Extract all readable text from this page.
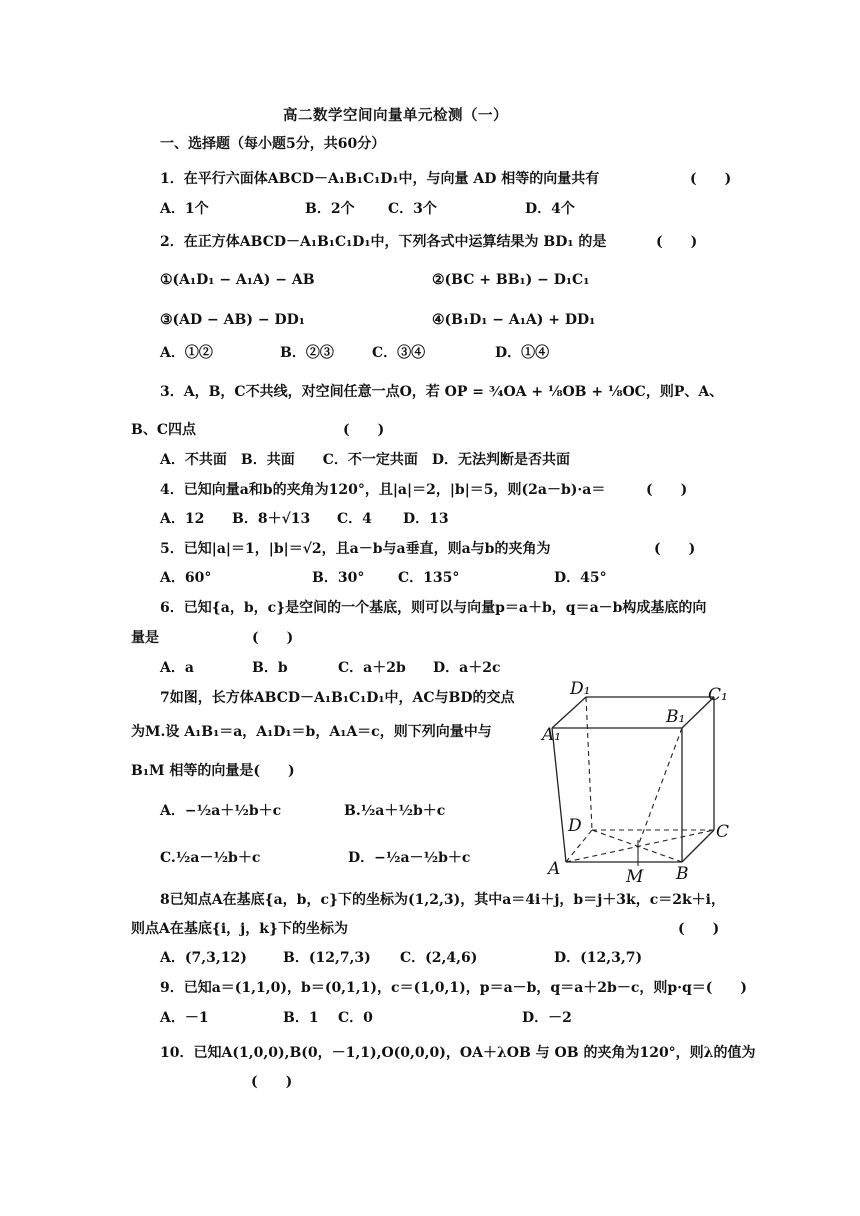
高二数学空间向量单元检测（一）
一、选择题（每小题5分，共60分）
1．在平行六面体ABCD－A₁B₁C₁D₁中，与向量 AD 相等的向量共有	(　　)
A．1个	B．2个 C．3个	D．4个
2．在正方体ABCD－A₁B₁C₁D₁中，下列各式中运算结果为 BD₁ 的是	(　　)
①(A₁D₁ − A₁A) − AB	②(BC + BB₁) − D₁C₁
③(AD − AB) − DD₁	④(B₁D₁ − A₁A) + DD₁
A．①②	B．②③	C．③④	D．①④
3．A，B，C不共线，对空间任意一点O，若 OP = ¾OA + ⅛OB + ⅛OC，则P、A、
B、C四点	(　　)
A．不共面　B．共面　　C．不一定共面　D．无法判断是否共面
4．已知向量a和b的夹角为120°，且|a|＝2，|b|＝5，则(2a－b)·a＝	(　　)
A．12 B．8＋√13 C．4 D．13
5．已知|a|＝1，|b|＝√2，且a－b与a垂直，则a与b的夹角为	(　　)
A．60°	B．30° C．135°	D．45°
6．已知{a，b，c}是空间的一个基底，则可以与向量p＝a＋b，q＝a－b构成基底的向
量是	(　　)
A．a	B．b	C．a＋2b D．a＋2c
7如图，长方体ABCD－A₁B₁C₁D₁中，AC与BD的交点
为M.设 A₁B₁＝a，A₁D₁＝b，A₁A＝c，则下列向量中与
B₁M 相等的向量是(　　)
A．−½a＋½b＋c	B.½a＋½b＋c
C.½a－½b＋c	D．−½a－½b＋c
D₁	C₁
A₁
B₁
D	C
A	B
M
8已知点A在基底{a，b，c}下的坐标为(1,2,3)，其中a＝4i＋j，b＝j＋3k，c＝2k＋i，
则点A在基底{i，j，k}下的坐标为	(　　)
A．(7,3,12)	B．(12,7,3) C．(2,4,6)	D．(12,3,7)
9．已知a＝(1,1,0)，b＝(0,1,1)，c＝(1,0,1)，p＝a－b，q＝a＋2b－c，则p·q＝(　　)
A．－1	B．1 C．0	D．－2
10．已知A(1,0,0),B(0，－1,1),O(0,0,0)，OA＋λOB 与 OB 的夹角为120°，则λ的值为
(　　)
